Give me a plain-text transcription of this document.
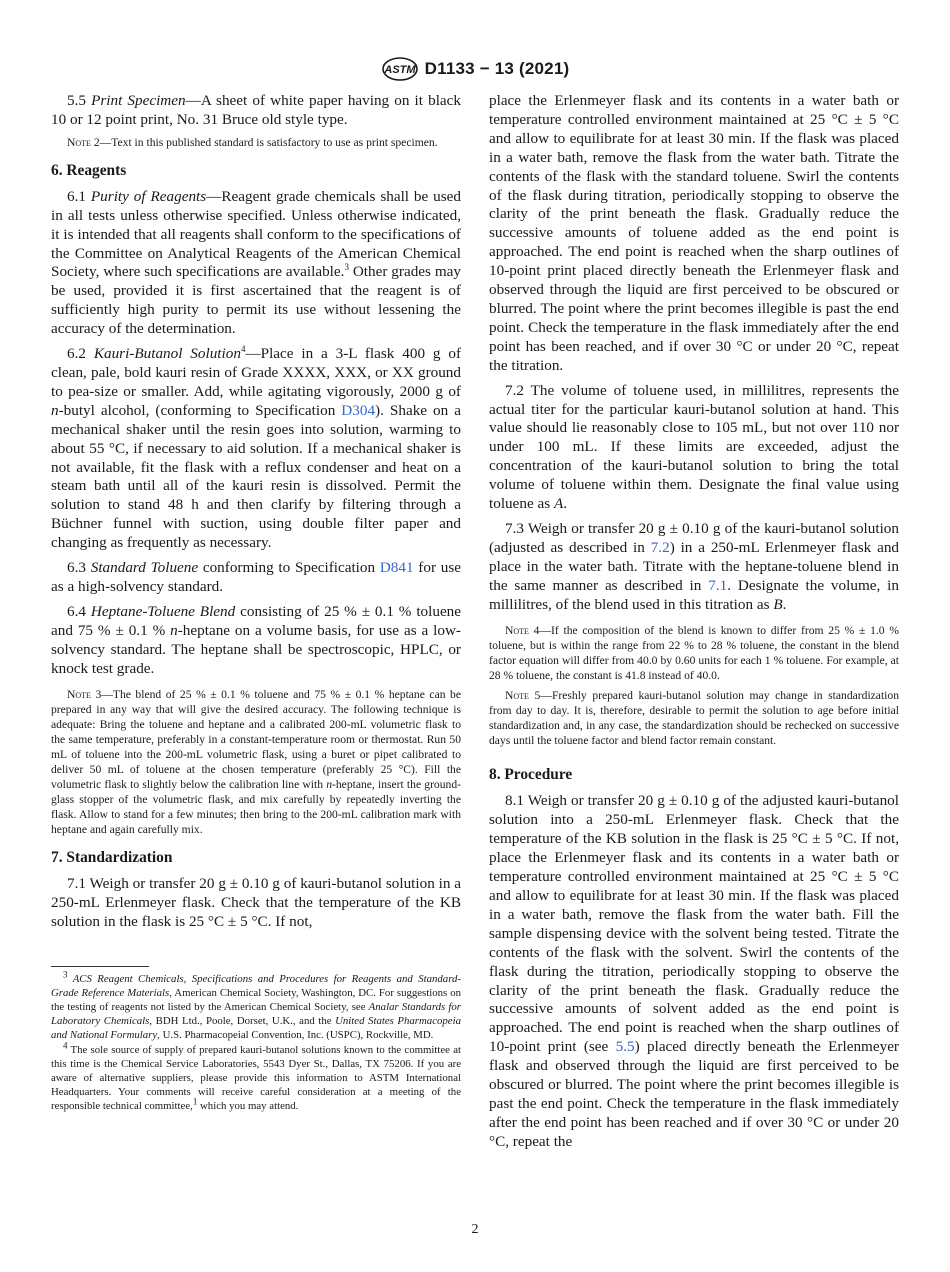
ASTM D1133 − 13 (2021)

5.5 Print Specimen—A sheet of white paper having on it black 10 or 12 point print, No. 31 Bruce old style type.

Note 2—Text in this published standard is satisfactory to use as print specimen.

6. Reagents

6.1 Purity of Reagents—Reagent grade chemicals shall be used in all tests unless otherwise specified. Unless otherwise indicated, it is intended that all reagents shall conform to the specifications of the Committee on Analytical Reagents of the American Chemical Society, where such specifications are available.$^3$ Other grades may be used, provided it is first ascertained that the reagent is of sufficiently high purity to permit its use without lessening the accuracy of the determination.

6.2 Kauri-Butanol Solution$^4$—Place in a 3-L flask 400 g of clean, pale, bold kauri resin of Grade XXXX, XXX, or XX ground to pea-size or smaller. Add, while agitating vigorously, 2000 g of n-butyl alcohol, (conforming to Specification D304). Shake on a mechanical shaker until the resin goes into solution, warming to about 55 °C, if necessary to aid solution. If a mechanical shaker is not available, fit the flask with a reflux condenser and heat on a steam bath until all of the kauri resin is dissolved. Permit the solution to stand 48 h and then clarify by filtering through a Büchner funnel with suction, using double filter paper and changing as frequently as necessary.

6.3 Standard Toluene conforming to Specification D841 for use as a high-solvency standard.

6.4 Heptane-Toluene Blend consisting of 25 % ± 0.1 % toluene and 75 % ± 0.1 % n-heptane on a volume basis, for use as a low-solvency standard. The heptane shall be spectroscopic, HPLC, or knock test grade.

Note 3—The blend of 25 % ± 0.1 % toluene and 75 % ± 0.1 % heptane can be prepared in any way that will give the desired accuracy. The following technique is adequate: Bring the toluene and heptane and a calibrated 200-mL volumetric flask to the same temperature, preferably in a constant-temperature room or thermostat. Run 50 mL of toluene into the 200-mL volumetric flask, using a buret or pipet calibrated to deliver 50 mL of toluene at the chosen temperature (preferably 25 °C). Fill the volumetric flask to slightly below the calibration line with n-heptane, insert the ground-glass stopper of the volumetric flask, and mix carefully by repeatedly inverting the flask. Allow to stand for a few minutes; then bring to the 200-mL calibration mark with heptane and again carefully mix.

7. Standardization

7.1 Weigh or transfer 20 g ± 0.10 g of kauri-butanol solution in a 250-mL Erlenmeyer flask. Check that the temperature of the KB solution in the flask is 25 °C ± 5 °C. If not,

$^3$ ACS Reagent Chemicals, Specifications and Procedures for Reagents and Standard-Grade Reference Materials, American Chemical Society, Washington, DC. For suggestions on the testing of reagents not listed by the American Chemical Society, see Analar Standards for Laboratory Chemicals, BDH Ltd., Poole, Dorset, U.K., and the United States Pharmacopeia and National Formulary, U.S. Pharmacopeial Convention, Inc. (USPC), Rockville, MD.

$^4$ The sole source of supply of prepared kauri-butanol solutions known to the committee at this time is the Chemical Service Laboratories, 5543 Dyer St., Dallas, TX 75206. If you are aware of alternative suppliers, please provide this information to ASTM International Headquarters. Your comments will receive careful consideration at a meeting of the responsible technical committee,$^1$ which you may attend.

place the Erlenmeyer flask and its contents in a water bath or temperature controlled environment maintained at 25 °C ± 5 °C and allow to equilibrate for at least 30 min. If the flask was placed in a water bath, remove the flask from the water bath. Titrate the contents of the flask with the standard toluene. Swirl the contents of the flask during titration, periodically stopping to observe the clarity of the print beneath the flask. Gradually reduce the successive amounts of toluene added as the end point is approached. The end point is reached when the sharp outlines of 10-point print placed directly beneath the Erlenmeyer flask and observed through the liquid are first perceived to be obscured or blurred. The point where the print becomes illegible is past the end point. Check the temperature in the flask immediately after the end point has been reached, and if over 30 °C or under 20 °C, repeat the titration.

7.2 The volume of toluene used, in millilitres, represents the actual titer for the particular kauri-butanol solution at hand. This value should lie reasonably close to 105 mL, but not over 110 nor under 100 mL. If these limits are exceeded, adjust the concentration of the kauri-butanol solution to bring the total volume of toluene within them. Designate the final value using toluene as A.

7.3 Weigh or transfer 20 g ± 0.10 g of the kauri-butanol solution (adjusted as described in 7.2) in a 250-mL Erlenmeyer flask and place in the water bath. Titrate with the heptane-toluene blend in the same manner as described in 7.1. Designate the volume, in millilitres, of the blend used in this titration as B.

Note 4—If the composition of the blend is known to differ from 25 % ± 1.0 % toluene, but is within the range from 22 % to 28 % toluene, the constant in the blend factor equation will differ from 40.0 by 0.60 units for each 1 % toluene. For example, at 28 % toluene, the constant is 41.8 instead of 40.0.

Note 5—Freshly prepared kauri-butanol solution may change in standardization from day to day. It is, therefore, desirable to permit the solution to age before initial standardization and, in any case, the standardization should be rechecked on successive days until the toluene factor and blend factor remain constant.

8. Procedure

8.1 Weigh or transfer 20 g ± 0.10 g of the adjusted kauri-butanol solution into a 250-mL Erlenmeyer flask. Check that the temperature of the KB solution in the flask is 25 °C ± 5 °C. If not, place the Erlenmeyer flask and its contents in a water bath or temperature controlled environment maintained at 25 °C ± 5 °C and allow to equilibrate for at least 30 min. If the flask was placed in a water bath, remove the flask from the water bath. Fill the sample dispensing device with the solvent being tested. Titrate the contents of the flask with the solvent. Swirl the contents of the flask during the titration, periodically stopping to observe the clarity of the print beneath the flask. Gradually reduce the successive amounts of solvent added as the end point is approached. The end point is reached when the sharp outlines of 10-point print (see 5.5) placed directly beneath the Erlenmeyer flask and observed through the liquid are first perceived to be obscured or blurred. The point where the print becomes illegible is past the end point. Check the temperature in the flask immediately after the end point has been reached and if over 30 °C or under 20 °C, repeat the

2
